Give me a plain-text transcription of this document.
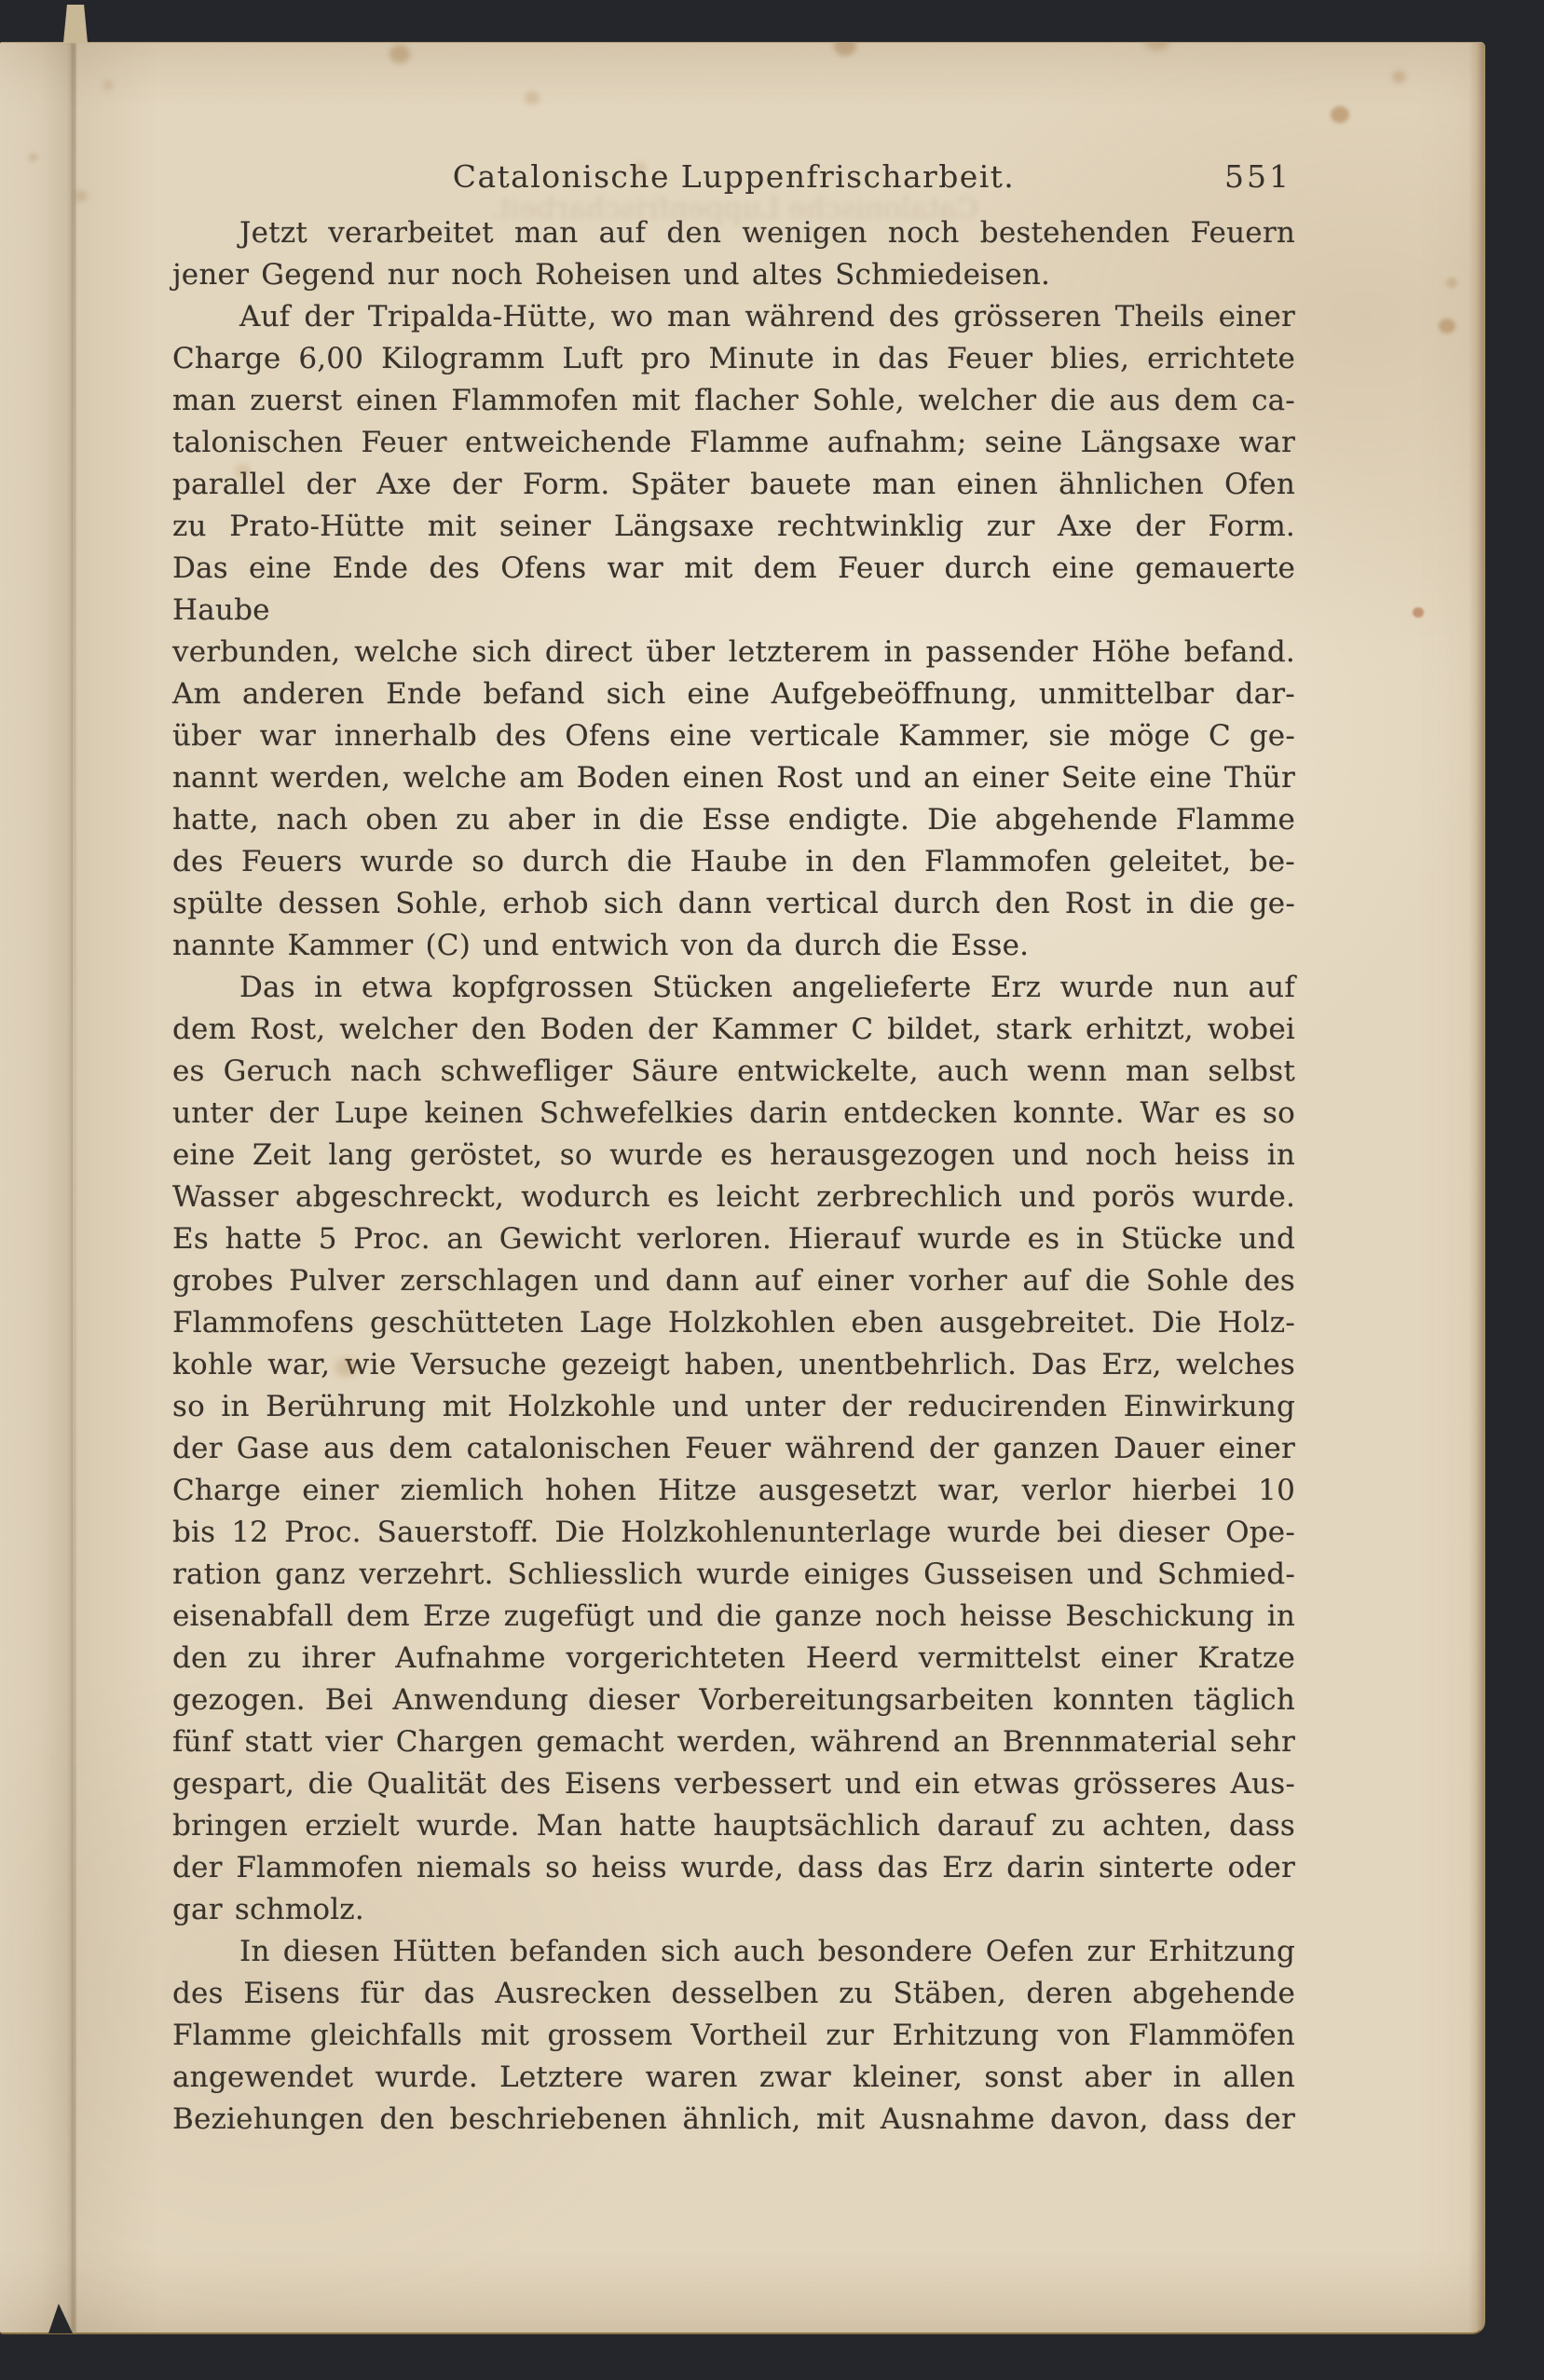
Catalonische Luppenfrischarbeit.
Catalonische Luppenfrischarbeit.	551
Jetzt verarbeitet man auf den wenigen noch bestehenden Feuern
jener Gegend nur noch Roheisen und altes Schmiedeisen.
Auf der Tripalda-Hütte, wo man während des grösseren Theils einer
Charge 6,00 Kilogramm Luft pro Minute in das Feuer blies, errichtete
man zuerst einen Flammofen mit flacher Sohle, welcher die aus dem ca-
talonischen Feuer entweichende Flamme aufnahm; seine Längsaxe war
parallel der Axe der Form. Später bauete man einen ähnlichen Ofen
zu Prato-Hütte mit seiner Längsaxe rechtwinklig zur Axe der Form.
Das eine Ende des Ofens war mit dem Feuer durch eine gemauerte Haube
verbunden, welche sich direct über letzterem in passender Höhe befand.
Am anderen Ende befand sich eine Aufgebeöffnung, unmittelbar dar-
über war innerhalb des Ofens eine verticale Kammer, sie möge C ge-
nannt werden, welche am Boden einen Rost und an einer Seite eine Thür
hatte, nach oben zu aber in die Esse endigte. Die abgehende Flamme
des Feuers wurde so durch die Haube in den Flammofen geleitet, be-
spülte dessen Sohle, erhob sich dann vertical durch den Rost in die ge-
nannte Kammer (C) und entwich von da durch die Esse.
Das in etwa kopfgrossen Stücken angelieferte Erz wurde nun auf
dem Rost, welcher den Boden der Kammer C bildet, stark erhitzt, wobei
es Geruch nach schwefliger Säure entwickelte, auch wenn man selbst
unter der Lupe keinen Schwefelkies darin entdecken konnte. War es so
eine Zeit lang geröstet, so wurde es herausgezogen und noch heiss in
Wasser abgeschreckt, wodurch es leicht zerbrechlich und porös wurde.
Es hatte 5 Proc. an Gewicht verloren. Hierauf wurde es in Stücke und
grobes Pulver zerschlagen und dann auf einer vorher auf die Sohle des
Flammofens geschütteten Lage Holzkohlen eben ausgebreitet. Die Holz-
kohle war, wie Versuche gezeigt haben, unentbehrlich. Das Erz, welches
so in Berührung mit Holzkohle und unter der reducirenden Einwirkung
der Gase aus dem catalonischen Feuer während der ganzen Dauer einer
Charge einer ziemlich hohen Hitze ausgesetzt war, verlor hierbei 10
bis 12 Proc. Sauerstoff. Die Holzkohlenunterlage wurde bei dieser Ope-
ration ganz verzehrt. Schliesslich wurde einiges Gusseisen und Schmied-
eisenabfall dem Erze zugefügt und die ganze noch heisse Beschickung in
den zu ihrer Aufnahme vorgerichteten Heerd vermittelst einer Kratze
gezogen. Bei Anwendung dieser Vorbereitungsarbeiten konnten täglich
fünf statt vier Chargen gemacht werden, während an Brennmaterial sehr
gespart, die Qualität des Eisens verbessert und ein etwas grösseres Aus-
bringen erzielt wurde. Man hatte hauptsächlich darauf zu achten, dass
der Flammofen niemals so heiss wurde, dass das Erz darin sinterte oder
gar schmolz.
In diesen Hütten befanden sich auch besondere Oefen zur Erhitzung
des Eisens für das Ausrecken desselben zu Stäben, deren abgehende
Flamme gleichfalls mit grossem Vortheil zur Erhitzung von Flammöfen
angewendet wurde. Letztere waren zwar kleiner, sonst aber in allen
Beziehungen den beschriebenen ähnlich, mit Ausnahme davon, dass der
